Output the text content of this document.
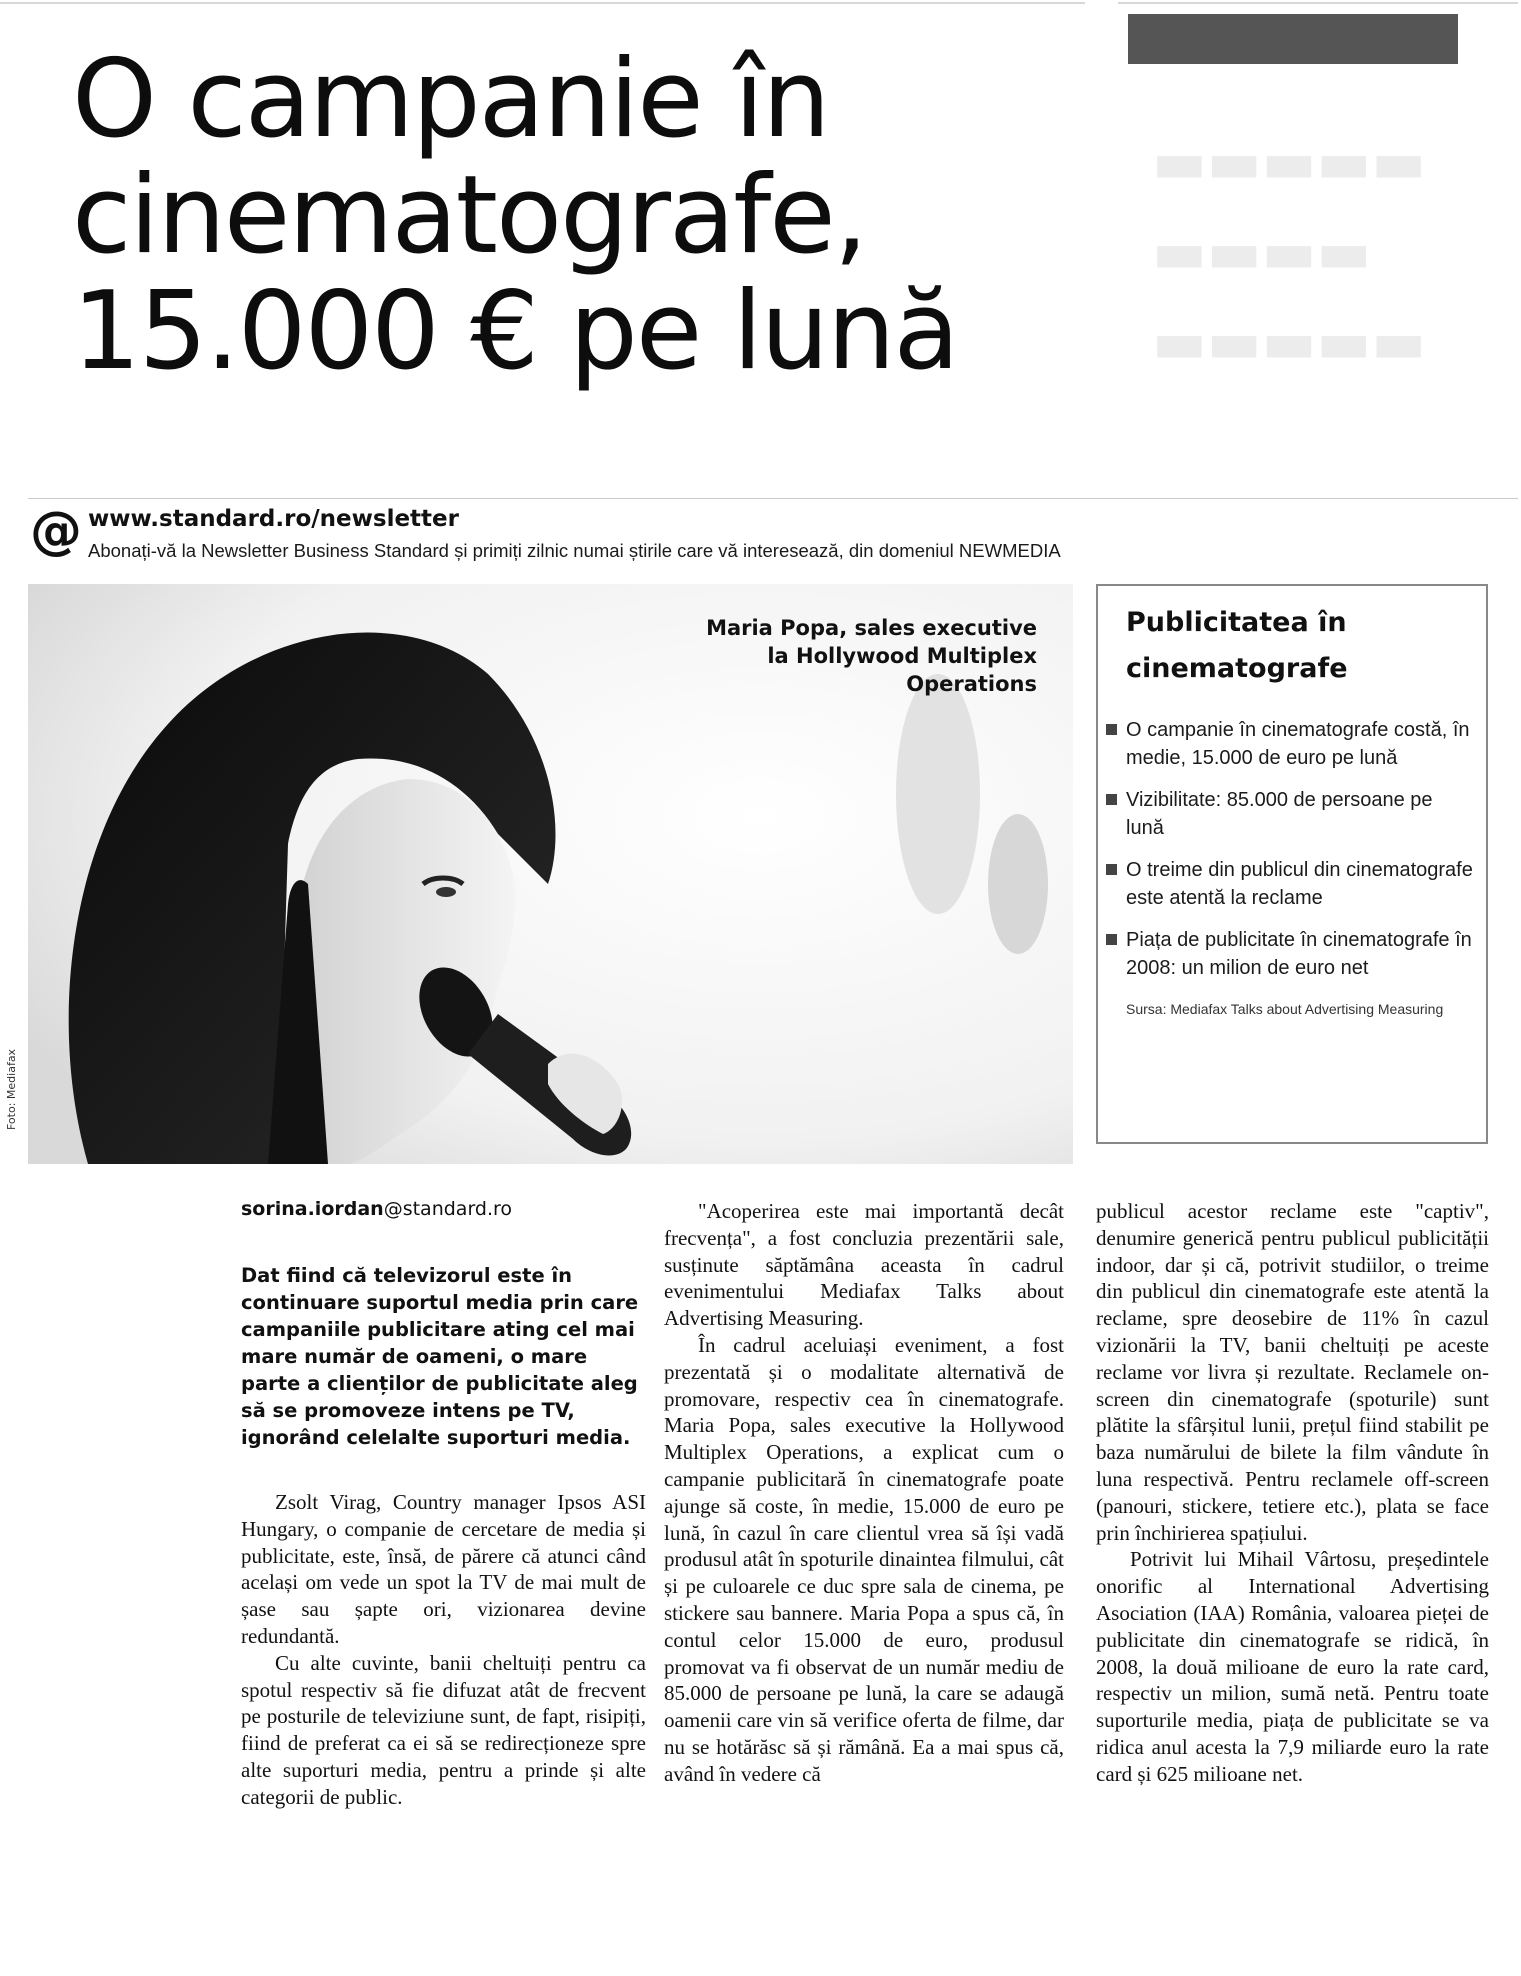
▬▬▬▬▬
▬▬▬▬
▬▬▬▬▬
O campanie în cinematografe, 15.000 € pe lună
@ www.standard.ro/newsletter
Abonați-vă la Newsletter Business Standard și primiți zilnic numai știrile care vă interesează, din domeniul NEWMEDIA
Maria Popa, sales executive la Hollywood Multiplex Operations
Foto: Mediafax
Publicitatea în cinematografe
O campanie în cinematografe costă, în medie, 15.000 de euro pe lună
Vizibilitate: 85.000 de persoane pe lună
O treime din publicul din cinematografe este atentă la reclame
Piața de publicitate în cinematografe în 2008: un milion de euro net
Sursa: Mediafax Talks about Advertising Measuring
sorina.iordan@standard.ro

Dat fiind că televizorul este în continuare suportul media prin care campaniile publicitare ating cel mai mare număr de oameni, o mare parte a clienților de publicitate aleg să se promoveze intens pe TV, ignorând celelalte suporturi media.

Zsolt Virag, Country manager Ipsos ASI Hungary, o companie de cercetare de media și publicitate, este, însă, de părere că atunci când același om vede un spot la TV de mai mult de șase sau șapte ori, vizionarea devine redundantă.

Cu alte cuvinte, banii cheltuiți pentru ca spotul respectiv să fie difuzat atât de frecvent pe posturile de televiziune sunt, de fapt, risipiți, fiind de preferat ca ei să se redirecționeze spre alte suporturi media, pentru a prinde și alte categorii de public.

"Acoperirea este mai importantă decât frecvența", a fost concluzia prezentării sale, susținute săptămâna aceasta în cadrul evenimentului Mediafax Talks about Advertising Measuring.

În cadrul aceluiași eveniment, a fost prezentată și o modalitate alternativă de promovare, respectiv cea în cinematografe. Maria Popa, sales executive la Hollywood Multiplex Operations, a explicat cum o campanie publicitară în cinematografe poate ajunge să coste, în medie, 15.000 de euro pe lună, în cazul în care clientul vrea să își vadă produsul atât în spoturile dinaintea filmului, cât și pe culoarele ce duc spre sala de cinema, pe stickere sau bannere. Maria Popa a spus că, în contul celor 15.000 de euro, produsul promovat va fi observat de un număr mediu de 85.000 de persoane pe lună, la care se adaugă oamenii care vin să verifice oferta de filme, dar nu se hotărăsc să și rămână. Ea a mai spus că, având în vedere că

publicul acestor reclame este "captiv", denumire generică pentru publicul publicității indoor, dar și că, potrivit studiilor, o treime din publicul din cinematografe este atentă la reclame, spre deosebire de 11% în cazul vizionării la TV, banii cheltuiți pe aceste reclame vor livra și rezultate. Reclamele on-screen din cinematografe (spoturile) sunt plătite la sfârșitul lunii, prețul fiind stabilit pe baza numărului de bilete la film vândute în luna respectivă. Pentru reclamele off-screen (panouri, stickere, tetiere etc.), plata se face prin închirierea spațiului.

Potrivit lui Mihail Vârtosu, președintele onorific al International Advertising Asociation (IAA) România, valoarea pieței de publicitate din cinematografe se ridică, în 2008, la două milioane de euro la rate card, respectiv un milion, sumă netă. Pentru toate suporturile media, piața de publicitate se va ridica anul acesta la 7,9 miliarde euro la rate card și 625 milioane net.
